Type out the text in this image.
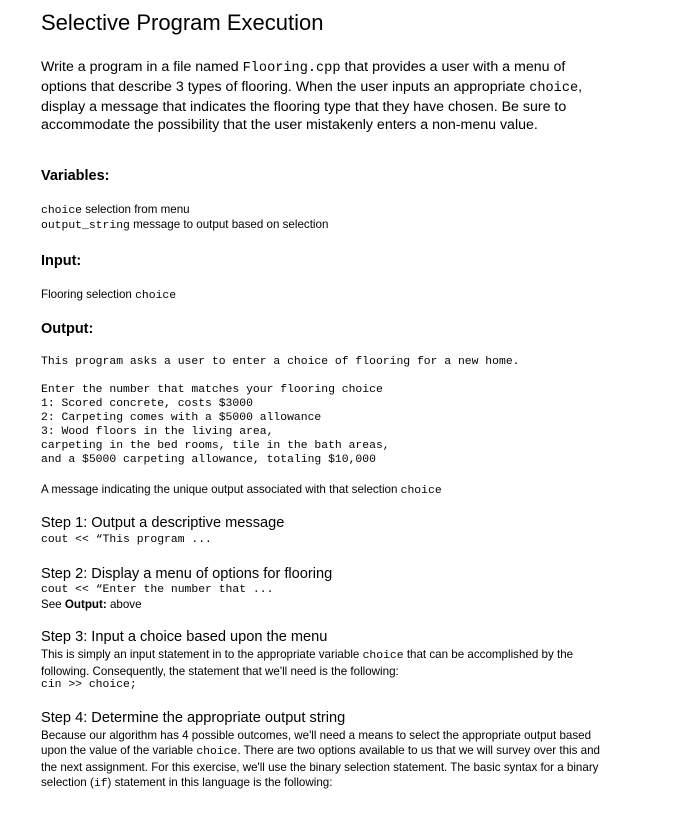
Selective Program Execution

Write a program in a file named Flooring.cpp that provides a user with a menu of options that describe 3 types of flooring. When the user inputs an appropriate choice, display a message that indicates the flooring type that they have chosen. Be sure to accommodate the possibility that the user mistakenly enters a non-menu value.

Variables:

choice selection from menu

output_string message to output based on selection

Input:

Flooring selection choice

Output:

This program asks a user to enter a choice of flooring for a new home.

Enter the number that matches your flooring choice

1: Scored concrete, costs $3000

2: Carpeting comes with a $5000 allowance

3: Wood floors in the living area,

carpeting in the bed rooms, tile in the bath areas,

and a $5000 carpeting allowance, totaling $10,000

A message indicating the unique output associated with that selection choice

Step 1: Output a descriptive message

cout << “This program ...

Step 2: Display a menu of options for flooring

cout << “Enter the number that ...

See Output: above

Step 3: Input a choice based upon the menu

This is simply an input statement in to the appropriate variable choice that can be accomplished by the following. Consequently, the statement that we'll need is the following:

cin >> choice;

Step 4: Determine the appropriate output string

Because our algorithm has 4 possible outcomes, we'll need a means to select the appropriate output based upon the value of the variable choice. There are two options available to us that we will survey over this and the next assignment. For this exercise, we'll use the binary selection statement. The basic syntax for a binary selection (if) statement in this language is the following:
